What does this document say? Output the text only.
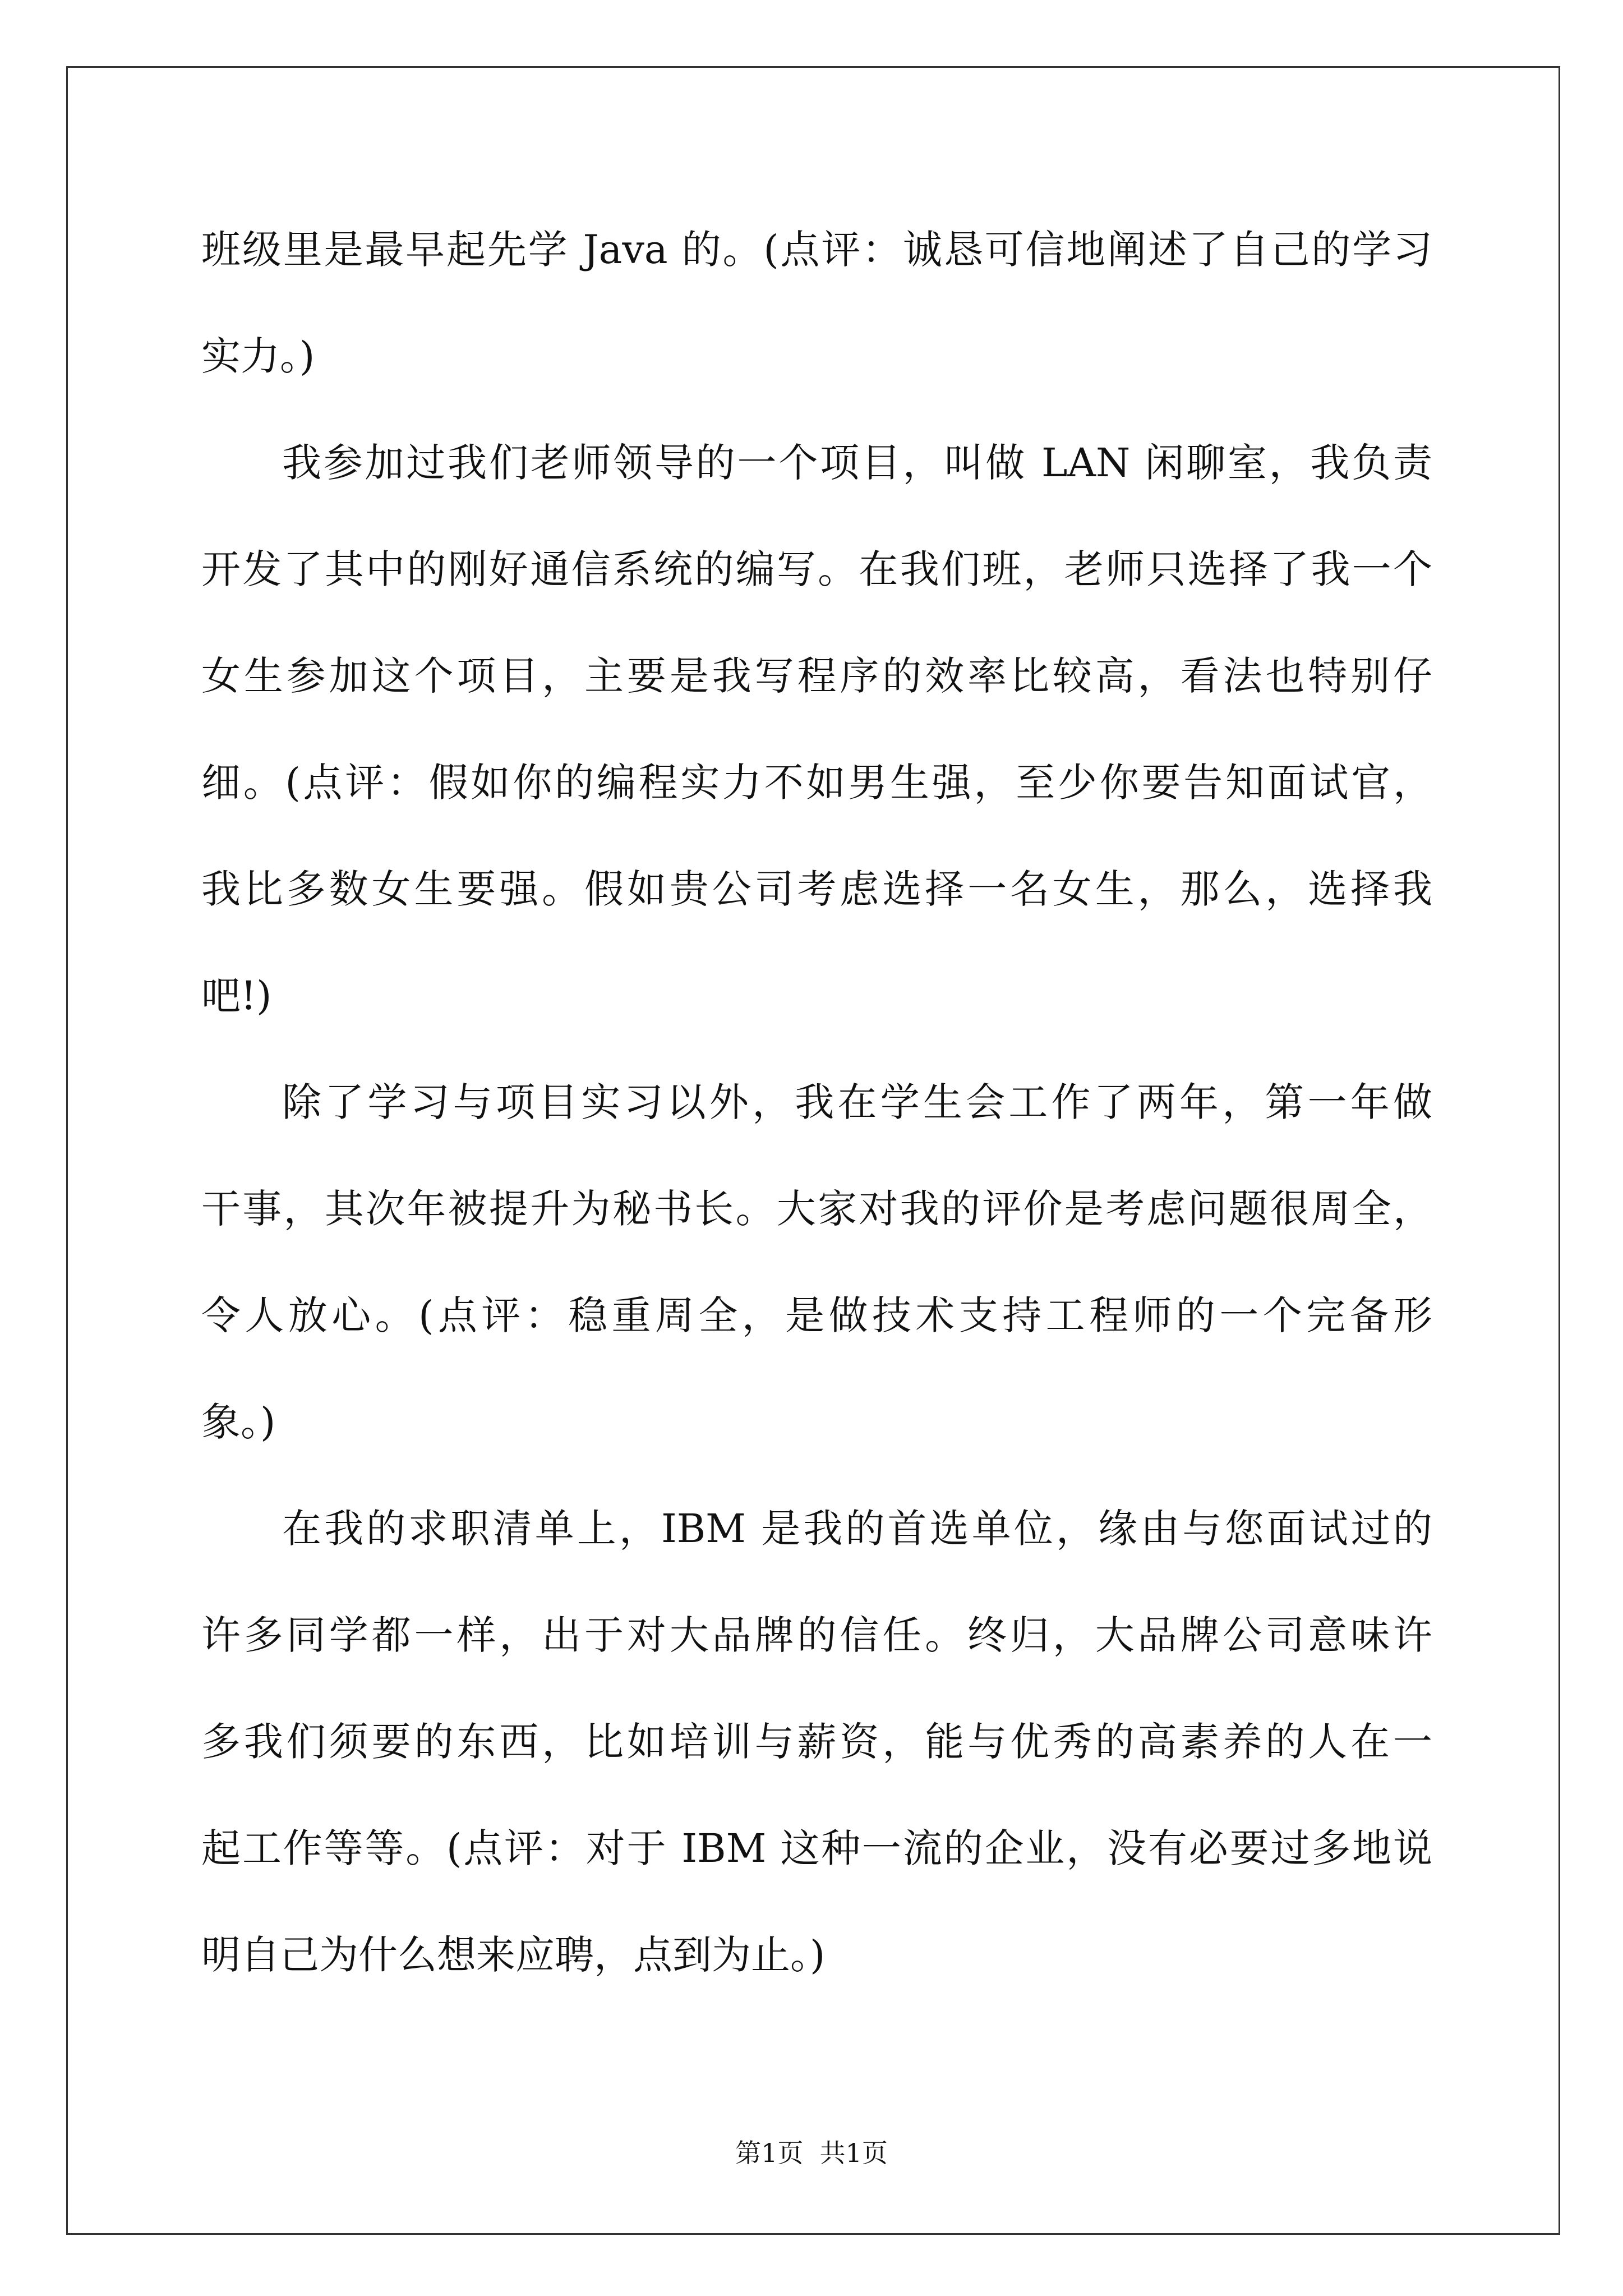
班级里是最早起先学 Java 的。(点评：诚恳可信地阐述了自己的学习
实力。)
我参加过我们老师领导的一个项目，叫做 LAN 闲聊室，我负责
开发了其中的刚好通信系统的编写。在我们班，老师只选择了我一个
女生参加这个项目，主要是我写程序的效率比较高，看法也特别仔
细。(点评：假如你的编程实力不如男生强，至少你要告知面试官，
我比多数女生要强。假如贵公司考虑选择一名女生，那么，选择我
吧!)
除了学习与项目实习以外，我在学生会工作了两年，第一年做
干事，其次年被提升为秘书长。大家对我的评价是考虑问题很周全，
令人放心。(点评：稳重周全，是做技术支持工程师的一个完备形
象。)
在我的求职清单上，IBM 是我的首选单位，缘由与您面试过的
许多同学都一样，出于对大品牌的信任。终归，大品牌公司意味许
多我们须要的东西，比如培训与薪资，能与优秀的高素养的人在一
起工作等等。(点评：对于 IBM 这种一流的企业，没有必要过多地说
明自己为什么想来应聘，点到为止。)
第1页  共1页
